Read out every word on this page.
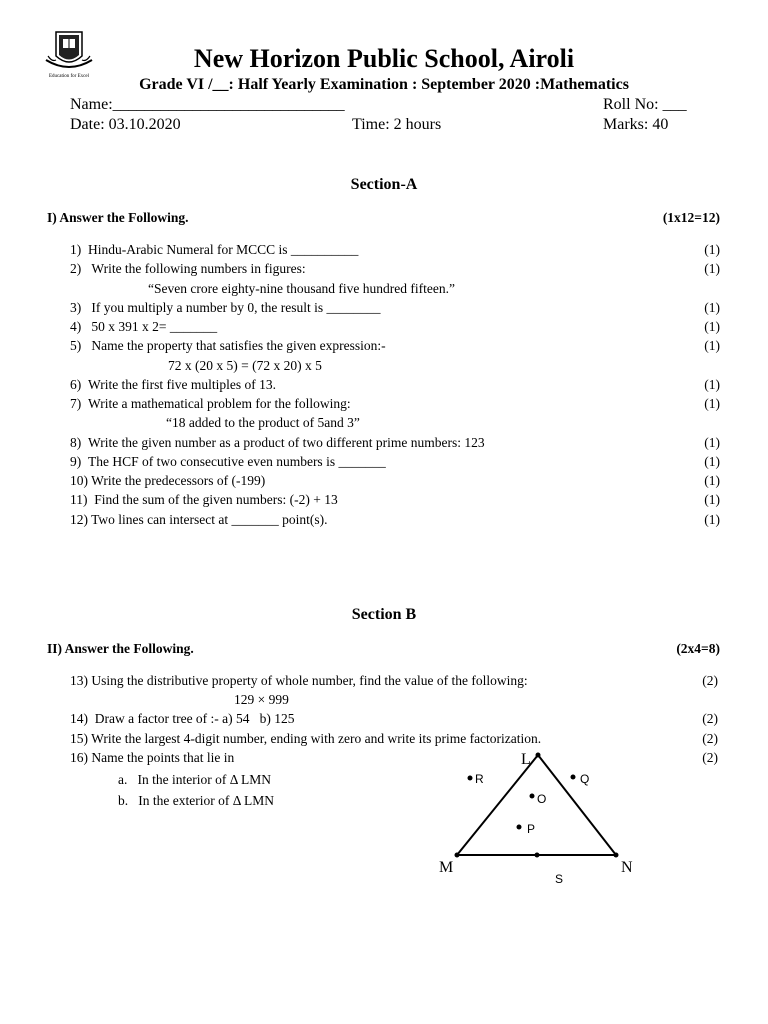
Education for Excel
New Horizon Public School, Airoli
Grade VI /__: Half Yearly Examination : September 2020 :Mathematics
Name:_____________________________	Roll No: ___
Date: 03.10.2020	Time: 2 hours	Marks: 40
Section-A
I) Answer the Following.	(1x12=12)
1)  Hindu-Arabic Numeral for MCCC is __________	(1)
2)   Write the following numbers in figures:	(1)
“Seven crore eighty-nine thousand five hundred fifteen.”
3)   If you multiply a number by 0, the result is ________	(1)
4)   50 x 391 x 2= _______	(1)
5)   Name the property that satisfies the given expression:-	(1)
72 x (20 x 5) = (72 x 20) x 5
6)  Write the first five multiples of 13.	(1)
7)  Write a mathematical problem for the following:	(1)
“18 added to the product of 5and 3”
8)  Write the given number as a product of two different prime numbers: 123	(1)
9)  The HCF of two consecutive even numbers is _______	(1)
10) Write the predecessors of (-199)	(1)
11)  Find the sum of the given numbers: (-2) + 13	(1)
12) Two lines can intersect at _______ point(s).	(1)
Section B
II) Answer the Following.	(2x4=8)
13) Using the distributive property of whole number, find the value of the following:	(2)
129 × 999
14)  Draw a factor tree of :- a) 54   b) 125	(2)
15) Write the largest 4-digit number, ending with zero and write its prime factorization.	(2)
16) Name the points that lie in	(2)
a.   In the interior of Δ LMN
b.   In the exterior of Δ LMN
L
M	N
R	Q
O
P
S
